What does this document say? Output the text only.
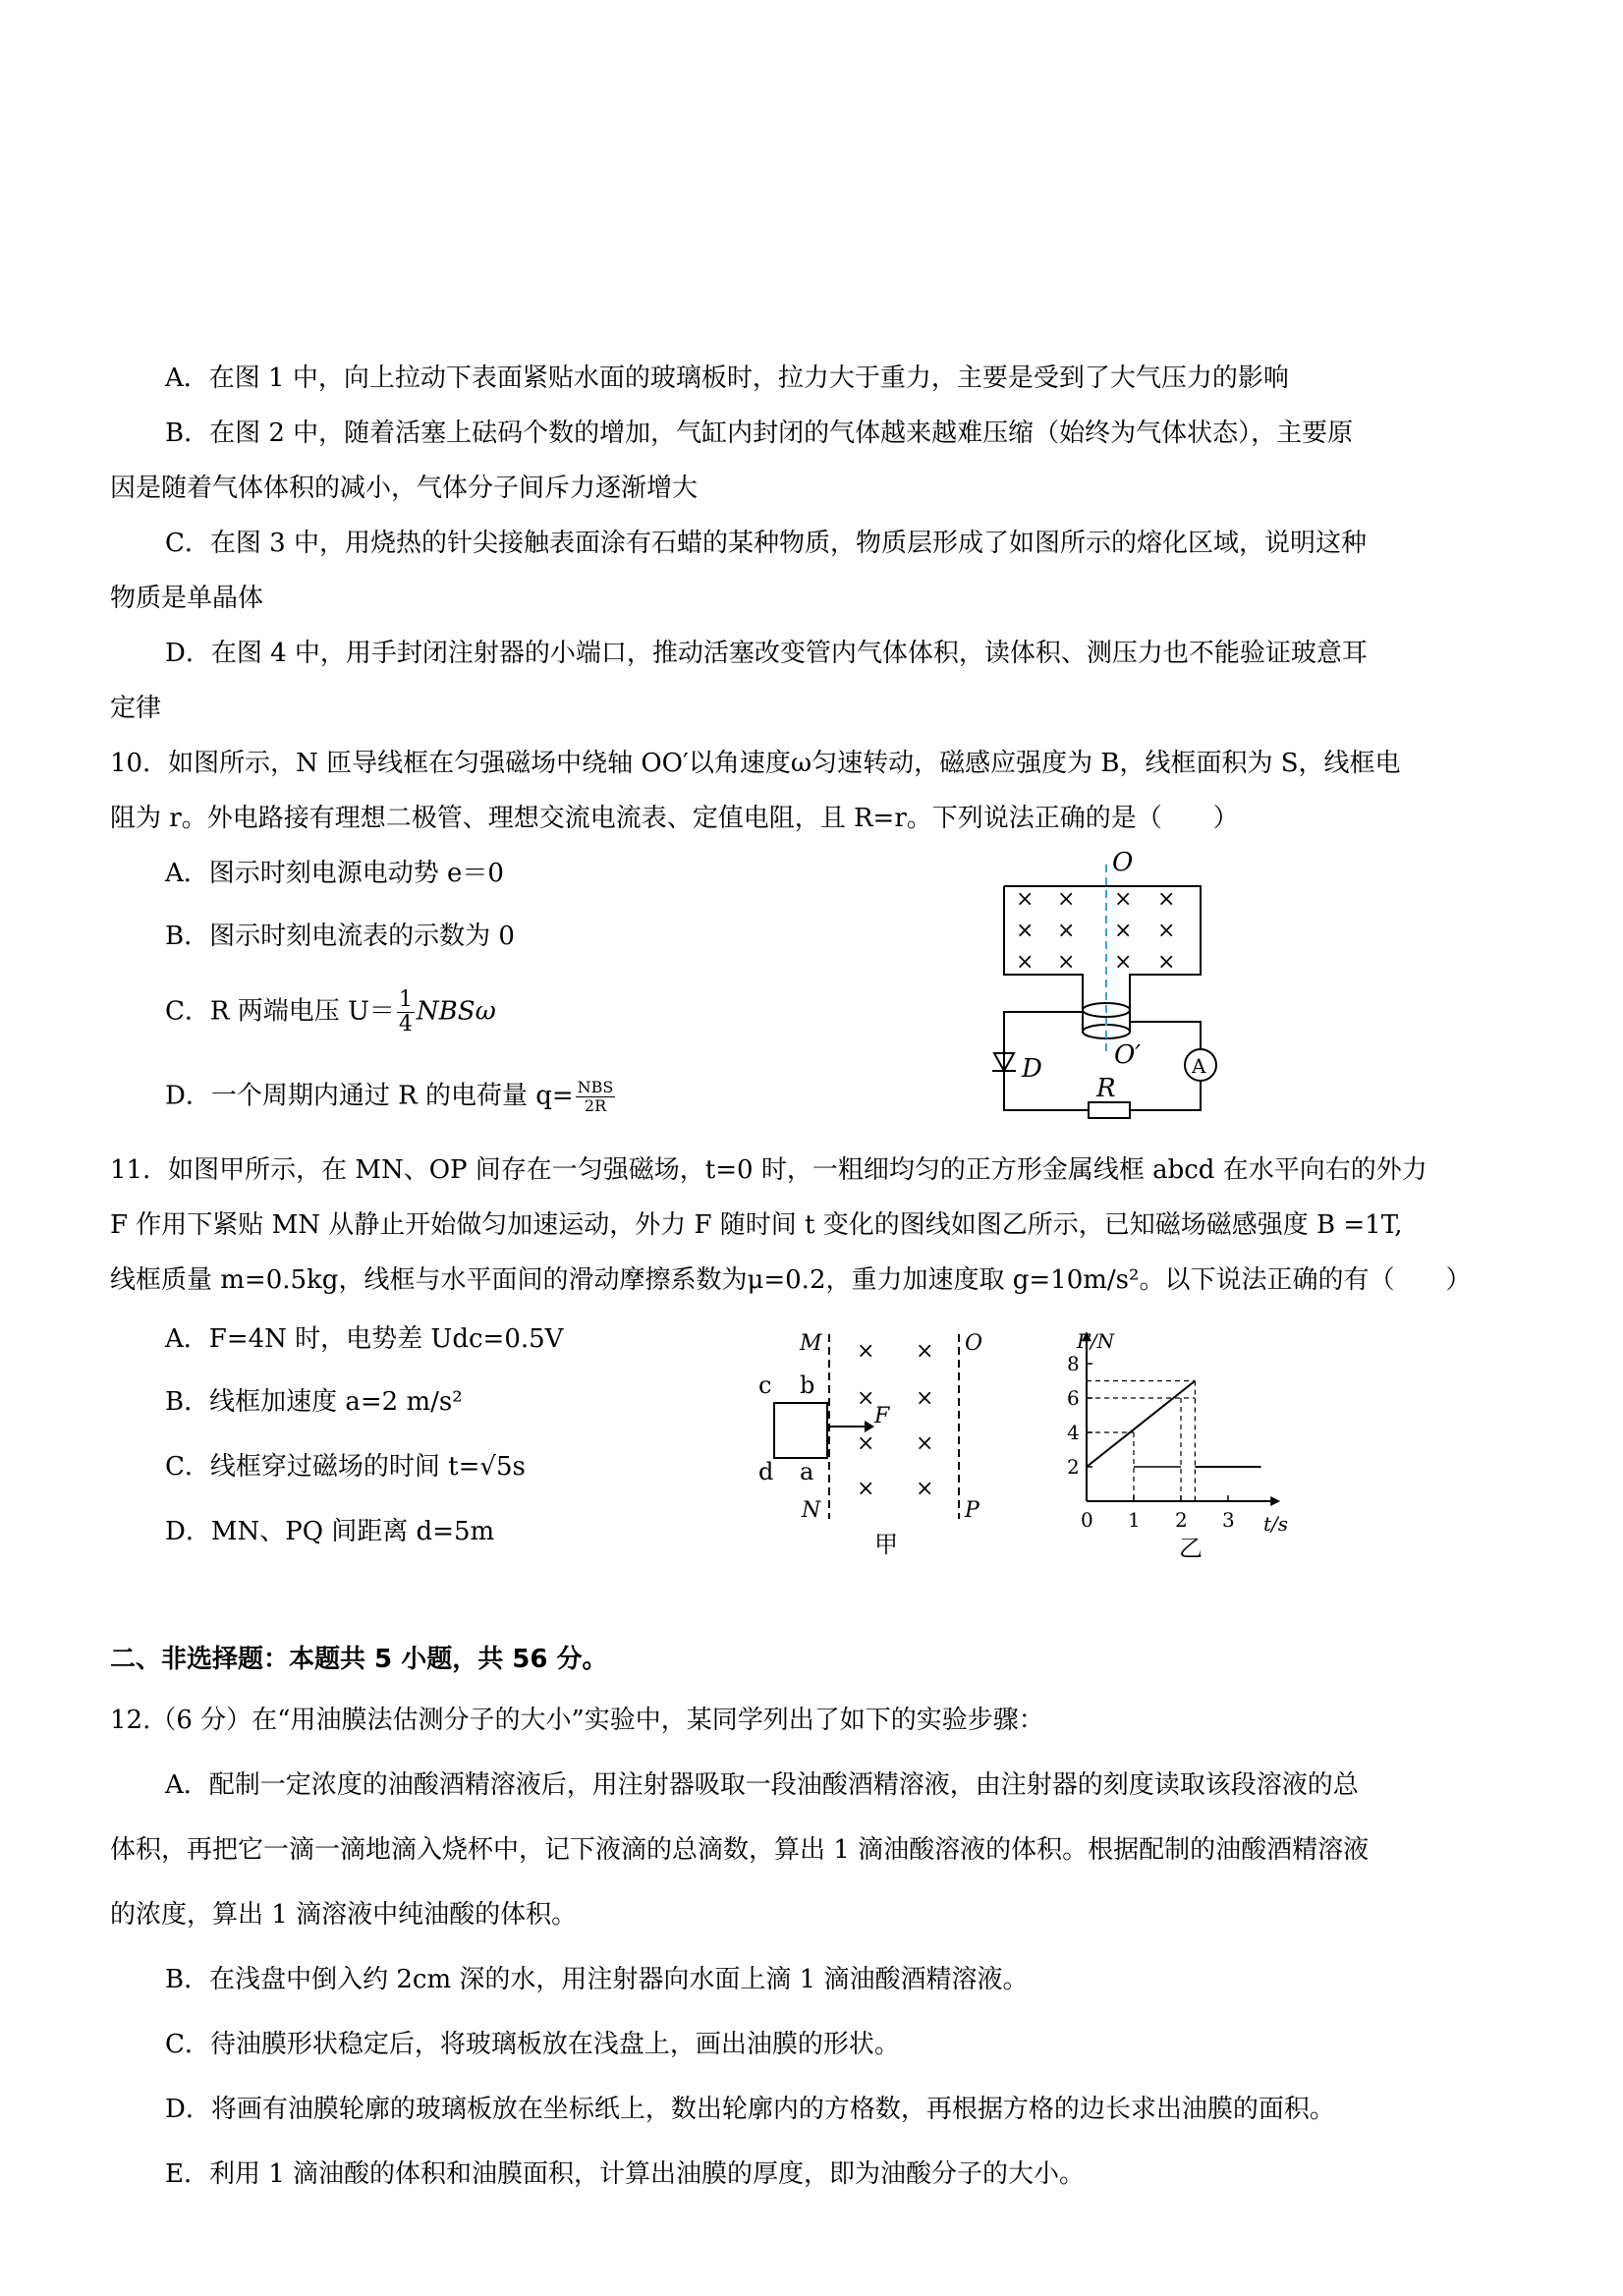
A．在图 1 中，向上拉动下表面紧贴水面的玻璃板时，拉力大于重力，主要是受到了大气压力的影响
B．在图 2 中，随着活塞上砝码个数的增加，气缸内封闭的气体越来越难压缩（始终为气体状态），主要原
因是随着气体体积的减小，气体分子间斥力逐渐增大
C．在图 3 中，用烧热的针尖接触表面涂有石蜡的某种物质，物质层形成了如图所示的熔化区域，说明这种
物质是单晶体
D．在图 4 中，用手封闭注射器的小端口，推动活塞改变管内气体体积，读体积、测压力也不能验证玻意耳
定律
10．如图所示，N 匝导线框在匀强磁场中绕轴 OO′以角速度ω匀速转动，磁感应强度为 B，线框面积为 S，线框电
阻为 r。外电路接有理想二极管、理想交流电流表、定值电阻，且 R=r。下列说法正确的是（　　）
A．图示时刻电源电动势 e＝0
B．图示时刻电流表的示数为 0
C．R 两端电压 $U= \frac{1}{4}$ NBSω
D．一个周期内通过 R 的电荷量 $q= \frac{\text{NBS}}{2R}$
× × × ×
× × × ×
× × × ×
O
O′
D
R
A
11．如图甲所示，在 MN、OP 间存在一匀强磁场，t=0 时，一粗细均匀的正方形金属线框 abcd 在水平向右的外力
F 作用下紧贴 MN 从静止开始做匀加速运动，外力 F 随时间 t 变化的图线如图乙所示，已知磁场磁感强度 B =1T,
线框质量 m=0.5kg，线框与水平面间的滑动摩擦系数为μ=0.2，重力加速度取 g=10m/s²。以下说法正确的有（　　）
A．F=4N 时，电势差 Udc=0.5V
B．线框加速度 a=2 m/s²
C．线框穿过磁场的时间 t=√5s
D．MN、PQ 间距离 d=5m
× ×
× ×
× ×
× ×
M
N
O
P
F
c b
d a
甲
8
6
4
2
0 1 2 3
F/N
t/s
乙
二、非选择题：本题共 5 小题，共 56 分。
12.（6 分）在“用油膜法估测分子的大小”实验中，某同学列出了如下的实验步骤：
A．配制一定浓度的油酸酒精溶液后，用注射器吸取一段油酸酒精溶液，由注射器的刻度读取该段溶液的总
体积，再把它一滴一滴地滴入烧杯中，记下液滴的总滴数，算出 1 滴油酸溶液的体积。根据配制的油酸酒精溶液
的浓度，算出 1 滴溶液中纯油酸的体积。
B．在浅盘中倒入约 2cm 深的水，用注射器向水面上滴 1 滴油酸酒精溶液。
C．待油膜形状稳定后，将玻璃板放在浅盘上，画出油膜的形状。
D．将画有油膜轮廓的玻璃板放在坐标纸上，数出轮廓内的方格数，再根据方格的边长求出油膜的面积。
E．利用 1 滴油酸的体积和油膜面积，计算出油膜的厚度，即为油酸分子的大小。
